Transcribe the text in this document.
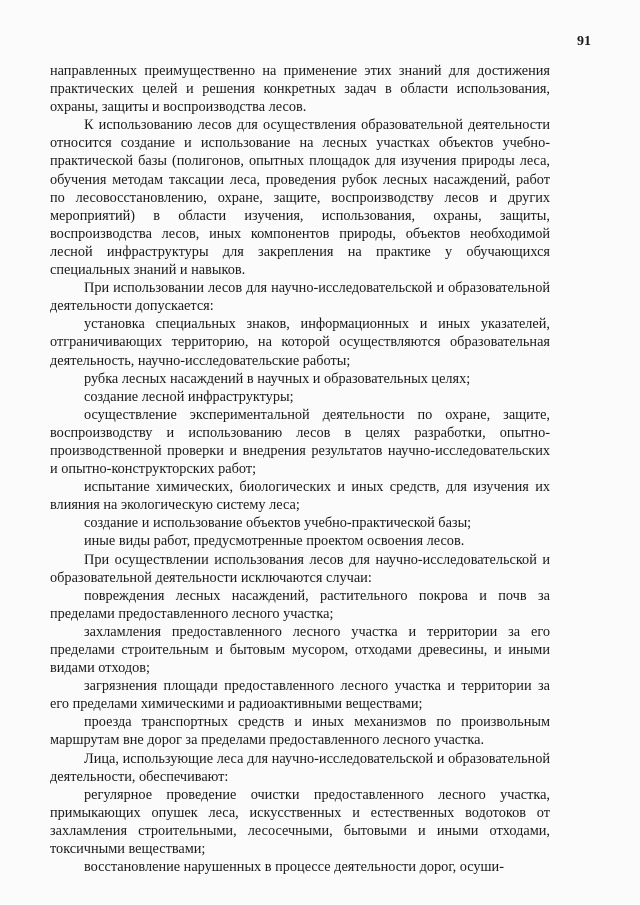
91

направленных преимущественно на применение этих знаний для достижения практических целей и решения конкретных задач в области использования, охраны, защиты и воспроизводства лесов.

К использованию лесов для осуществления образовательной деятельности относится создание и использование на лесных участках объектов учебно-практической базы (полигонов, опытных площадок для изучения природы леса, обучения методам таксации леса, проведения рубок лесных насаждений, работ по лесовосстановлению, охране, защите, воспроизводству лесов и других мероприятий) в области изучения, использования, охраны, защиты, воспроизводства лесов, иных компонентов природы, объектов необходимой лесной инфраструктуры для закрепления на практике у обучающихся специальных знаний и навыков.

При использовании лесов для научно-исследовательской и образовательной деятельности допускается:

установка специальных знаков, информационных и иных указателей, отграничивающих территорию, на которой осуществляются образовательная деятельность, научно-исследовательские работы;

рубка лесных насаждений в научных и образовательных целях;

создание лесной инфраструктуры;

осуществление экспериментальной деятельности по охране, защите, воспроизводству и использованию лесов в целях разработки, опытно-производственной проверки и внедрения результатов научно-исследовательских и опытно-конструкторских работ;

испытание химических, биологических и иных средств, для изучения их влияния на экологическую систему леса;

создание и использование объектов учебно-практической базы;

иные виды работ, предусмотренные проектом освоения лесов.

При осуществлении использования лесов для научно-исследовательской и образовательной деятельности исключаются случаи:

повреждения лесных насаждений, растительного покрова и почв за пределами предоставленного лесного участка;

захламления предоставленного лесного участка и территории за его пределами строительным и бытовым мусором, отходами древесины, и иными видами отходов;

загрязнения площади предоставленного лесного участка и территории за его пределами химическими и радиоактивными веществами;

проезда транспортных средств и иных механизмов по произвольным маршрутам вне дорог за пределами предоставленного лесного участка.

Лица, использующие леса для научно-исследовательской и образовательной деятельности, обеспечивают:

регулярное проведение очистки предоставленного лесного участка, примыкающих опушек леса, искусственных и естественных водотоков от захламления строительными, лесосечными, бытовыми и иными отходами, токсичными веществами;

восстановление нарушенных в процессе деятельности дорог, осуши-
